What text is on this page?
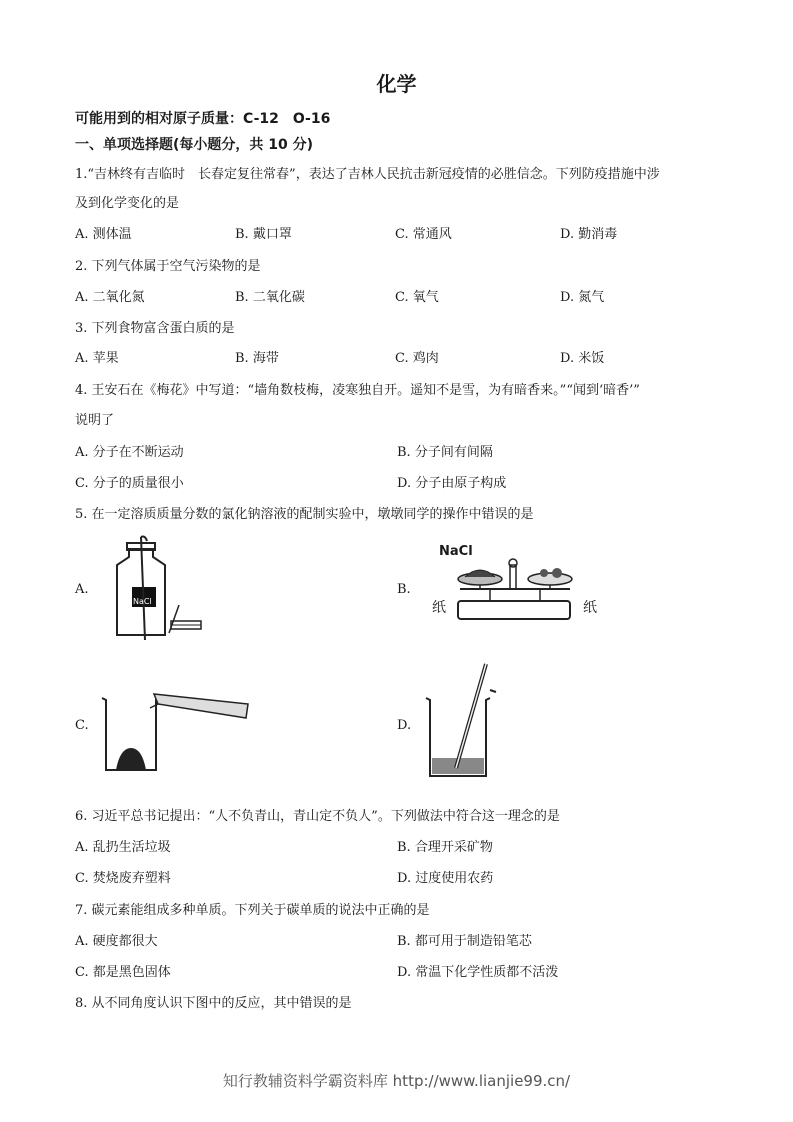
化学
可能用到的相对原子质量：C-12　O-16
一、单项选择题(每小题分，共 10 分)
1.“吉林终有吉临时　长春定复往常春”，表达了吉林人民抗击新冠疫情的必胜信念。下列防疫措施中涉
及到化学变化的是
A. 测体温	B. 戴口罩	C. 常通风	D. 勤消毒
2. 下列气体属于空气污染物的是
A. 二氧化氮	B. 二氧化碳	C. 氧气	D. 氮气
3. 下列食物富含蛋白质的是
A. 苹果	B. 海带	C. 鸡肉	D. 米饭
4. 王安石在《梅花》中写道：“墙角数枝梅，凌寒独自开。遥知不是雪，为有暗香来。”“闻到‘暗香’”
说明了
A. 分子在不断运动	B. 分子间有间隔
C. 分子的质量很小	D. 分子由原子构成
5. 在一定溶质质量分数的氯化钠溶液的配制实验中，墩墩同学的操作中错误的是
A.
NaCl
B.
NaCl
纸	纸
C.	D.
6. 习近平总书记提出：“人不负青山，青山定不负人”。下列做法中符合这一理念的是
A. 乱扔生活垃圾	B. 合理开采矿物
C. 焚烧废弃塑料	D. 过度使用农药
7. 碳元素能组成多种单质。下列关于碳单质的说法中正确的是
A. 硬度都很大	B. 都可用于制造铅笔芯
C. 都是黑色固体	D. 常温下化学性质都不活泼
8. 从不同角度认识下图中的反应，其中错误的是
知行教辅资料学霸资料库 http://www.lianjie99.cn/
